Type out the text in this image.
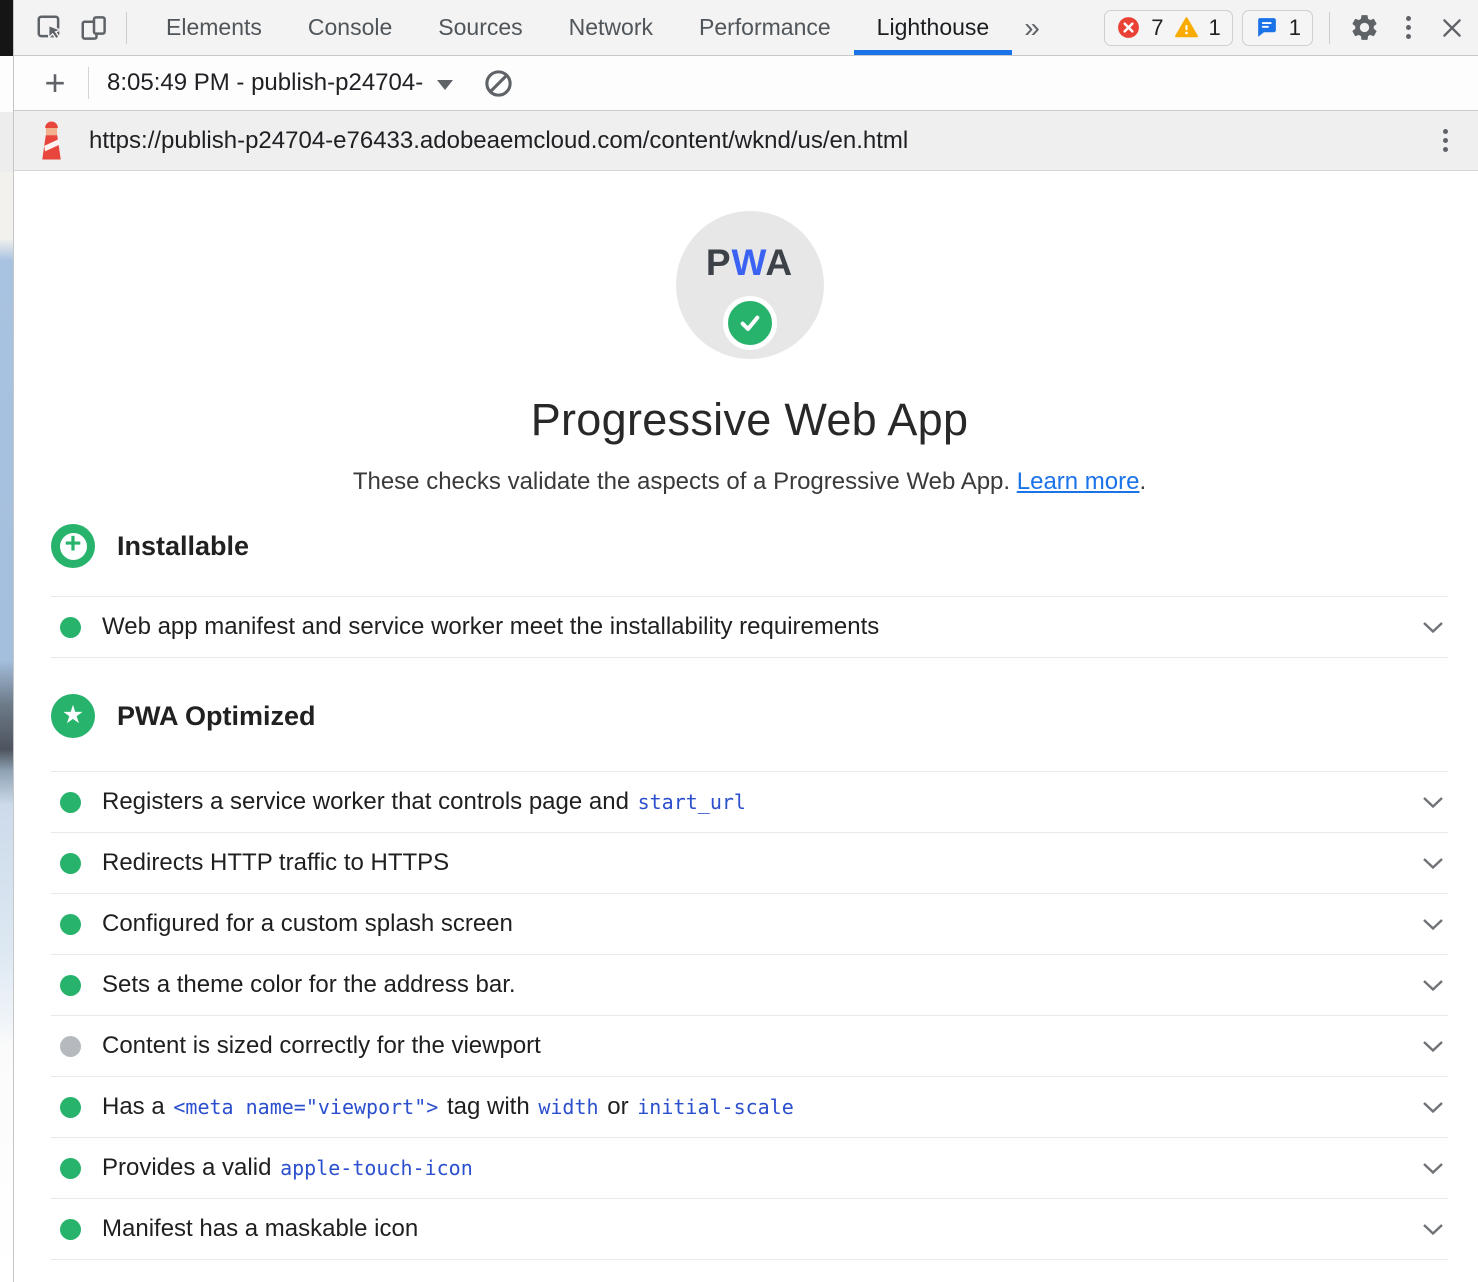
Elements	Console	Sources	Network	Performance	Lighthouse	»	7 1	1
+ 8:05:49 PM - publish-p24704-
https://publish-p24704-e76433.adobeaemcloud.com/content/wknd/us/en.html
PWA
Progressive Web App

These checks validate the aspects of a Progressive Web App. Learn more.

+
Installable
Web app manifest and service worker meet the installability requirements
★
PWA Optimized
Registers a service worker that controls page and start_url
Redirects HTTP traffic to HTTPS
Configured for a custom splash screen
Sets a theme color for the address bar.
Content is sized correctly for the viewport
Has a <meta name="viewport"> tag with width or initial-scale
Provides a valid apple-touch-icon
Manifest has a maskable icon
